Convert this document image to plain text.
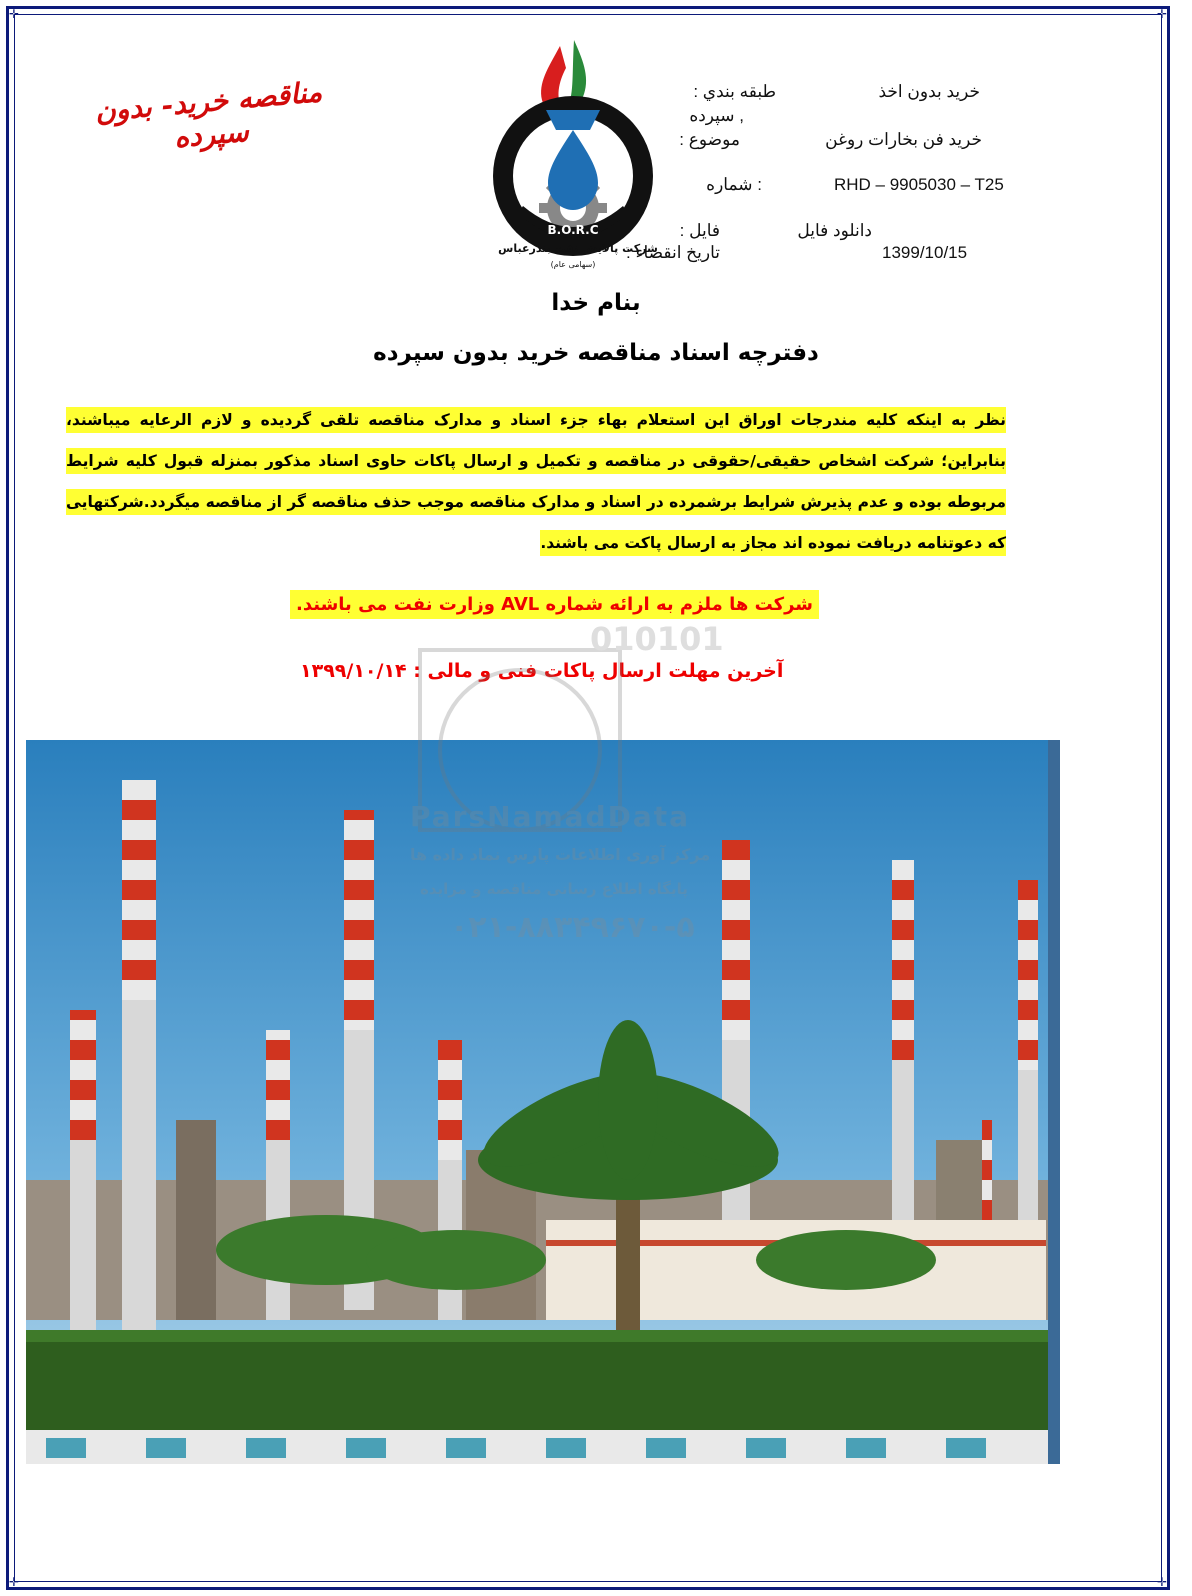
✛	✛
✛	✛
مناقصه خرید- بدون سپرده
B.O.R.C
شرکت پالایش نفت بندرعباس
(سهامی عام)
طبقه بندي :	خريد بدون اخذ
, سپرده
موضوع :	خريد فن بخارات روغن
: شماره	RHD – 9905030 – T25
فايل :	دانلود فايل
تاريخ انقضاء :	1399/10/15
بنام خدا
دفترچه اسناد مناقصه خرید بدون سپرده
نظر به اینکه کلیه مندرجات اوراق این استعلام بهاء جزء اسناد و مدارک مناقصه تلقی گردیده و لازم الرعایه میباشند، بنابراین؛ شرکت اشخاص حقیقی/حقوقی در مناقصه و تکمیل و ارسال پاکات حاوی اسناد مذکور بمنزله قبول کلیه شرایط مربوطه بوده و عدم پذیرش شرایط برشمرده در اسناد و مدارک مناقصه موجب حذف مناقصه گر از مناقصه میگردد.شرکتهایی که دعوتنامه دریافت نموده اند مجاز به ارسال پاکت می باشند.
شرکت ها ملزم به ارائه شماره AVL وزارت نفت می باشند.
آخرین مهلت ارسال پاکات فنی و مالی : ۱۳۹۹/۱۰/۱۴
010101
ParsNamadData
مرکز آوری اطلاعات پارس نماد داده ها
پایگاه اطلاع رسانی مناقصه و مزایده
۰۲۱-۸۸۳۴۹۶۷۰-۵
